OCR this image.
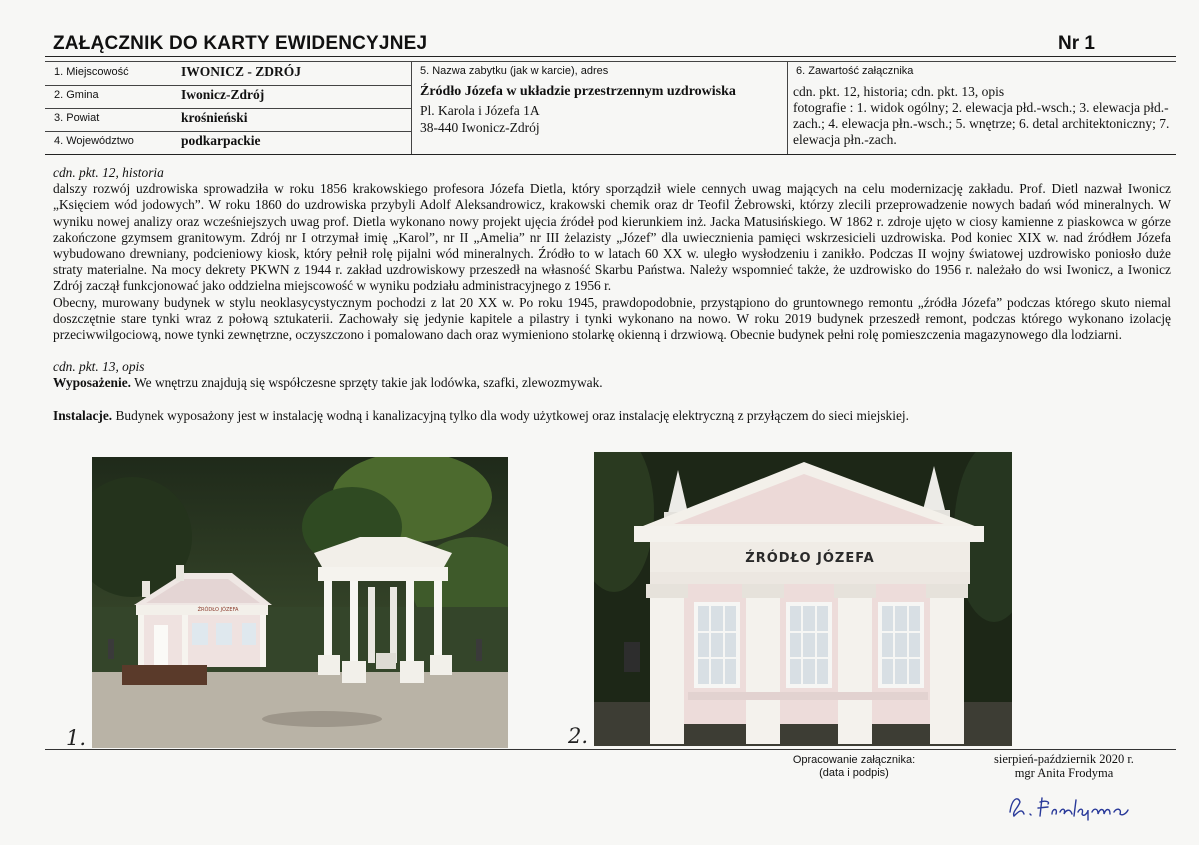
ZAŁĄCZNIK DO KARTY EWIDENCYJNEJ	Nr 1
1. Miejscowość	IWONICZ - ZDRÓJ
2. Gmina	Iwonicz-Zdrój
3. Powiat	krośnieński
4. Województwo	podkarpackie
5. Nazwa zabytku (jak w karcie), adres
Źródło Józefa w układzie przestrzennym uzdrowiska
Pl. Karola i Józefa 1A
38-440 Iwonicz-Zdrój
6. Zawartość załącznika
cdn. pkt. 12, historia; cdn. pkt. 13, opis
fotografie : 1. widok ogólny; 2. elewacja płd.-wsch.; 3. elewacja płd.-zach.; 4. elewacja płn.-wsch.; 5. wnętrze; 6. detal architektoniczny; 7. elewacja płn.-zach.
cdn. pkt. 12, historia
dalszy rozwój uzdrowiska sprowadziła w roku 1856 krakowskiego profesora Józefa Dietla, który sporządził wiele cennych uwag mających na celu modernizację zakładu. Prof. Dietl nazwał Iwonicz „Księciem wód jodowych”. W roku 1860 do uzdrowiska przybyli Adolf Aleksandrowicz, krakowski chemik oraz dr Teofil Żebrowski, którzy zlecili przeprowadzenie nowych badań wód mineralnych. W wyniku nowej analizy oraz wcześniejszych uwag prof. Dietla wykonano nowy projekt ujęcia źródeł pod kierunkiem inż. Jacka Matusińskiego. W 1862 r. zdroje ujęto w ciosy kamienne z piaskowca w górze zakończone gzymsem granitowym. Zdrój nr I otrzymał imię „Karol”, nr II „Amelia” nr III żelazisty „Józef” dla uwiecznienia pamięci wskrzesicieli uzdrowiska. Pod koniec XIX w. nad źródłem Józefa wybudowano drewniany, podcieniowy kiosk, który pełnił rolę pijalni wód mineralnych. Źródło to w latach 60 XX w. uległo wysłodzeniu i zanikło. Podczas II wojny światowej uzdrowisko poniosło duże straty materialne. Na mocy dekrety PKWN z 1944 r. zakład uzdrowiskowy przeszedł na własność Skarbu Państwa. Należy wspomnieć także, że uzdrowisko do 1956 r. należało do wsi Iwonicz, a Iwonicz Zdrój zaczął funkcjonować jako oddzielna miejscowość w wyniku podziału administracyjnego z 1956 r.
Obecny, murowany budynek w stylu neoklasycystycznym pochodzi z lat 20 XX w. Po roku 1945, prawdopodobnie, przystąpiono do gruntownego remontu „źródła Józefa” podczas którego skuto niemal doszczętnie stare tynki wraz z połową sztukaterii. Zachowały się jedynie kapitele a pilastry i tynki wykonano na nowo. W roku 2019 budynek przeszedł remont, podczas którego wykonano izolację przeciwwilgociową, nowe tynki zewnętrzne, oczyszczono i pomalowano dach oraz wymieniono stolarkę okienną i drzwiową. Obecnie budynek pełni rolę pomieszczenia magazynowego dla lodziarni.
cdn. pkt. 13, opis
Wyposażenie. We wnętrzu znajdują się współczesne sprzęty takie jak lodówka, szafki, zlewozmywak.
Instalacje. Budynek wyposażony jest w instalację wodną i kanalizacyjną tylko dla wody użytkowej oraz instalację elektryczną z przyłączem do sieci miejskiej.
ŹRÓDŁO JÓZEFA
1.
ŹRÓDŁO JÓZEFA
2.
Opracowanie załącznika:
(data i podpis)
sierpień-październik 2020 r.
mgr Anita Frodyma
